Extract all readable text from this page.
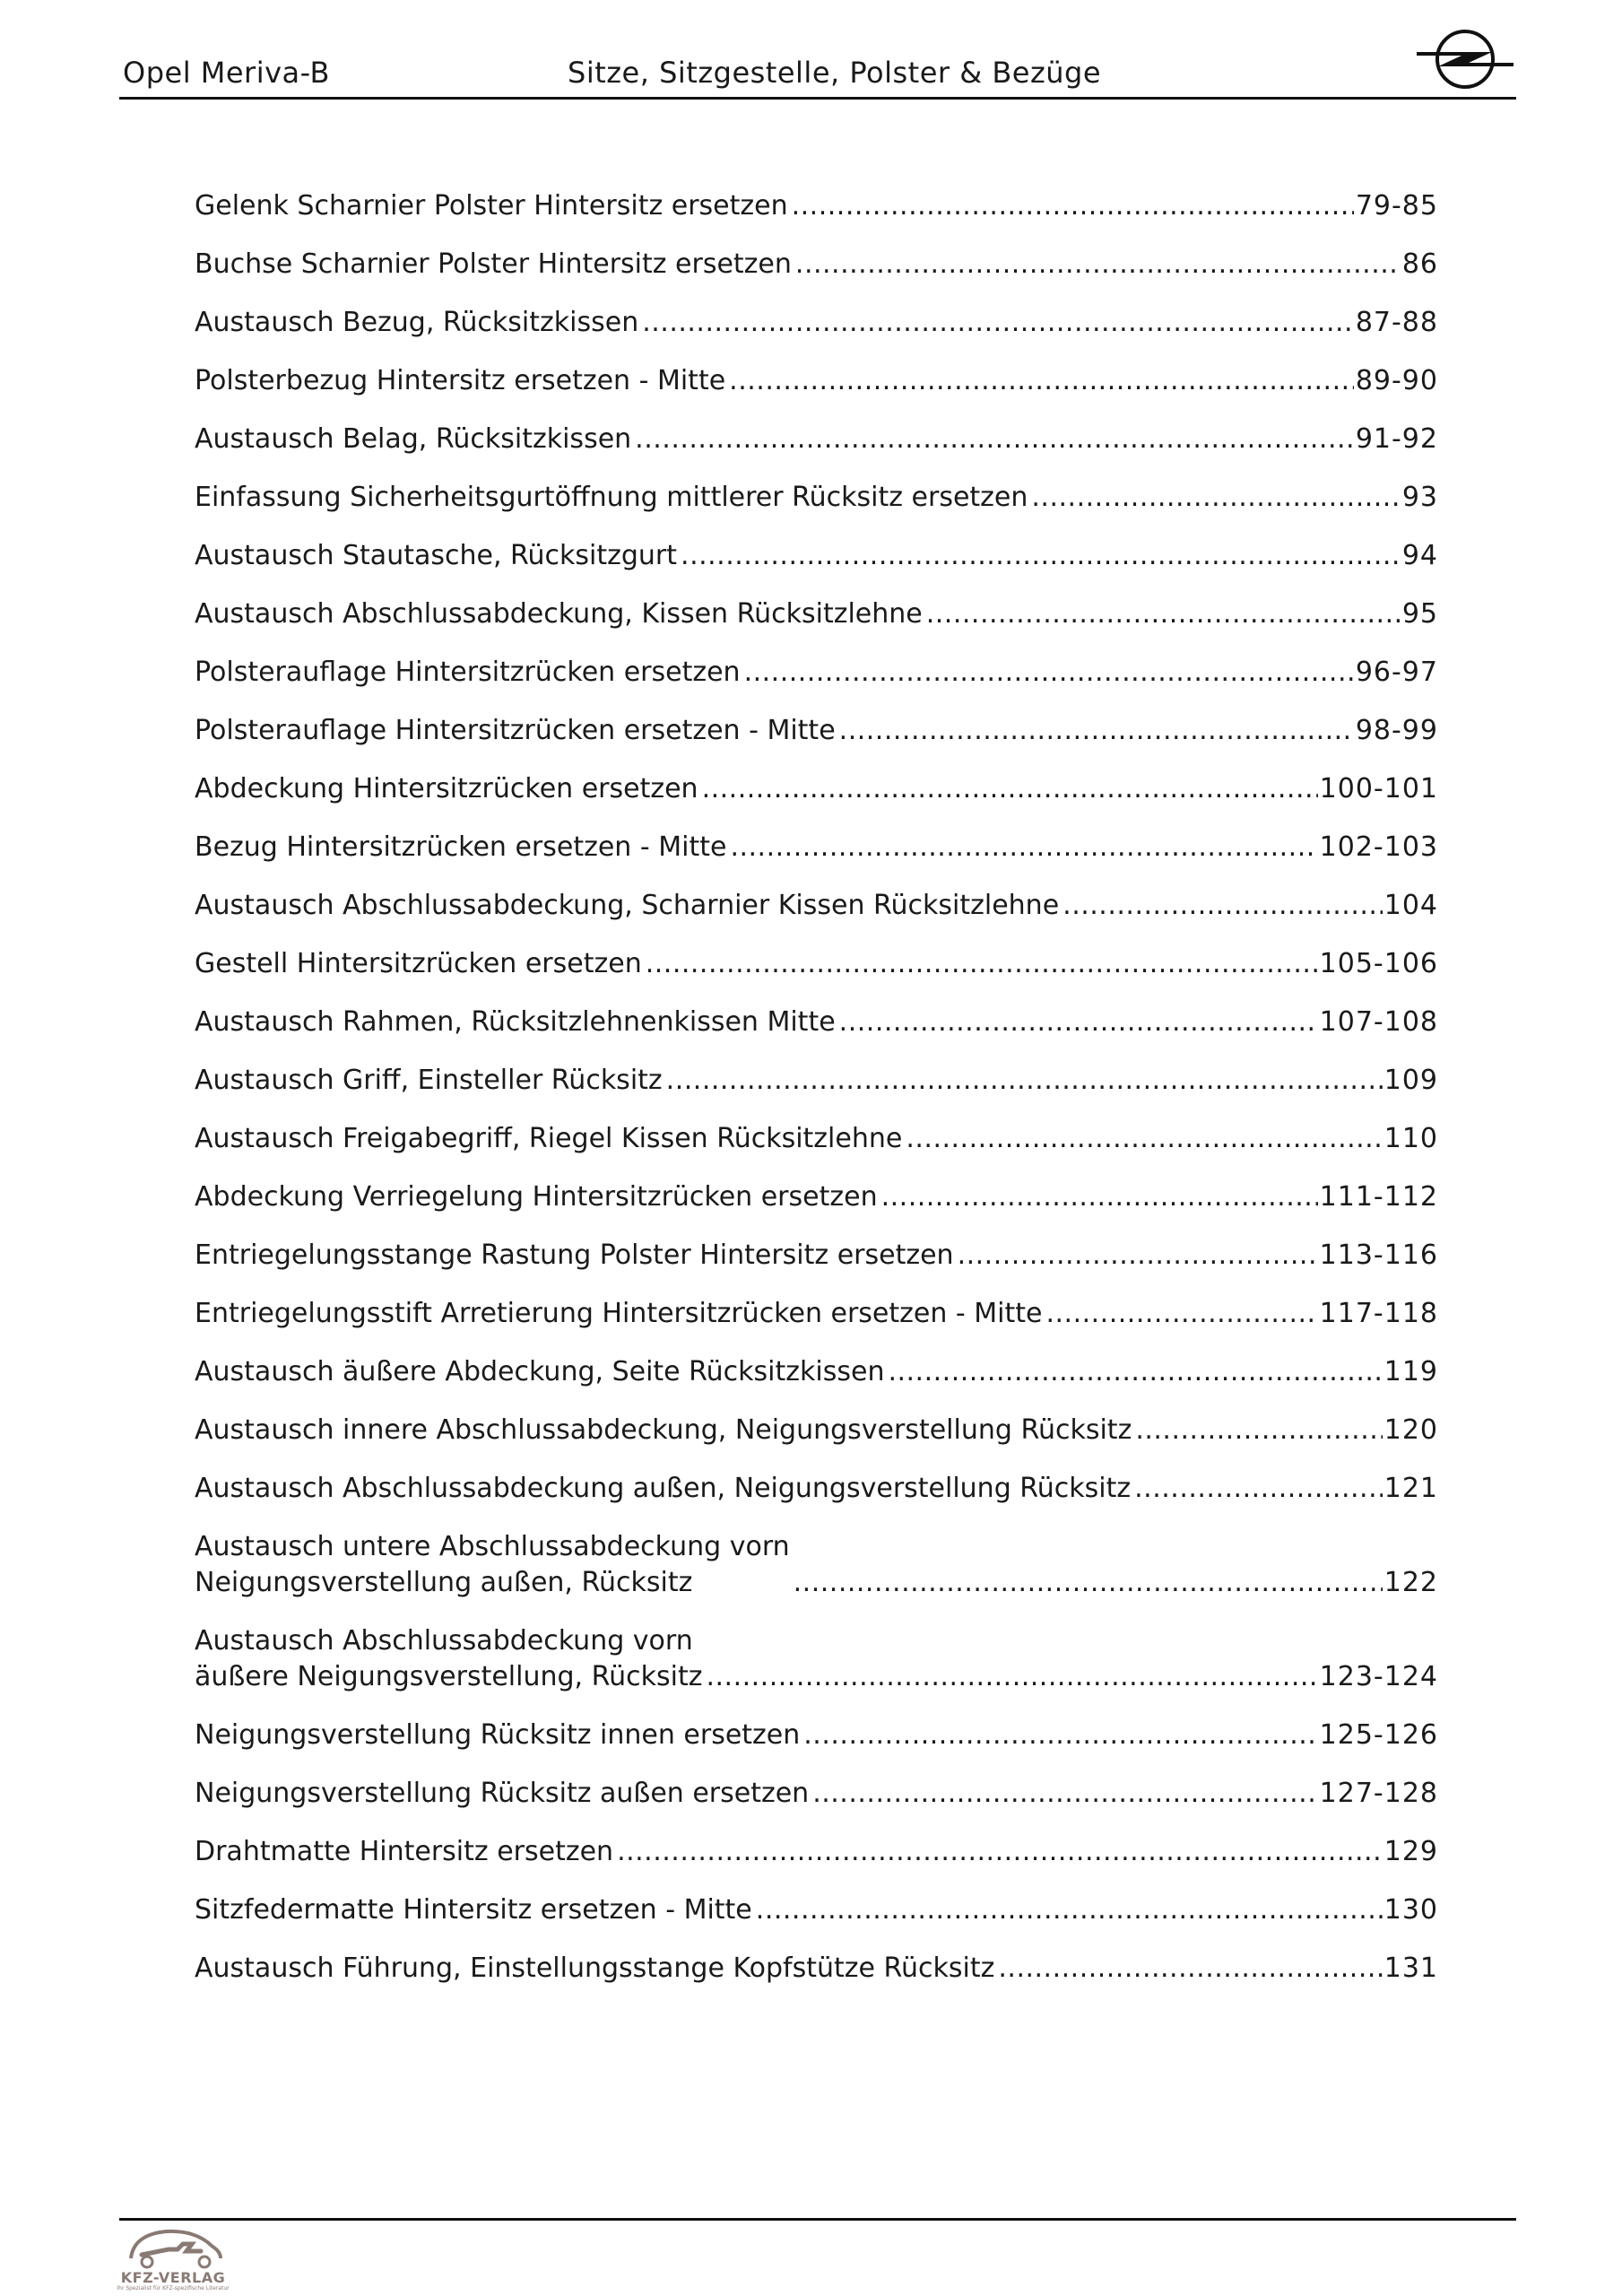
Opel Meriva-B	Sitze, Sitzgestelle, Polster & Bezüge
Gelenk Scharnier Polster Hintersitz ersetzen .....	79-85
Buchse Scharnier Polster Hintersitz ersetzen .....	86
Austausch Bezug, Rücksitzkissen .....	87-88
Polsterbezug Hintersitz ersetzen - Mitte .....	89-90
Austausch Belag, Rücksitzkissen .....	91-92
Einfassung Sicherheitsgurtöffnung mittlerer Rücksitz ersetzen .....	93
Austausch Stautasche, Rücksitzgurt .....	94
Austausch Abschlussabdeckung, Kissen Rücksitzlehne .....	95
Polsterauflage Hintersitzrücken ersetzen .....	96-97
Polsterauflage Hintersitzrücken ersetzen - Mitte .....	98-99
Abdeckung Hintersitzrücken ersetzen .....	100-101
Bezug Hintersitzrücken ersetzen - Mitte .....	102-103
Austausch Abschlussabdeckung, Scharnier Kissen Rücksitzlehne .....	104
Gestell Hintersitzrücken ersetzen .....	105-106
Austausch Rahmen, Rücksitzlehnenkissen Mitte .....	107-108
Austausch Griff, Einsteller Rücksitz .....	109
Austausch Freigabegriff, Riegel Kissen Rücksitzlehne .....	110
Abdeckung Verriegelung Hintersitzrücken ersetzen .....	111-112
Entriegelungsstange Rastung Polster Hintersitz ersetzen .....	113-116
Entriegelungsstift Arretierung Hintersitzrücken ersetzen - Mitte .....	117-118
Austausch äußere Abdeckung, Seite Rücksitzkissen .....	119
Austausch innere Abschlussabdeckung, Neigungsverstellung Rücksitz .....	120
Austausch Abschlussabdeckung außen, Neigungsverstellung Rücksitz .....	121
Austausch untere Abschlussabdeckung vorn
Neigungsverstellung außen, Rücksitz .....	122
Austausch Abschlussabdeckung vorn
äußere Neigungsverstellung, Rücksitz .....	123-124
Neigungsverstellung Rücksitz innen ersetzen .....	125-126
Neigungsverstellung Rücksitz außen ersetzen .....	127-128
Drahtmatte Hintersitz ersetzen .....	129
Sitzfedermatte Hintersitz ersetzen - Mitte .....	130
Austausch Führung, Einstellungsstange Kopfstütze Rücksitz .....	131
KFZ-VERLAG
Ihr Spezialist für KFZ-spezifische Literatur
